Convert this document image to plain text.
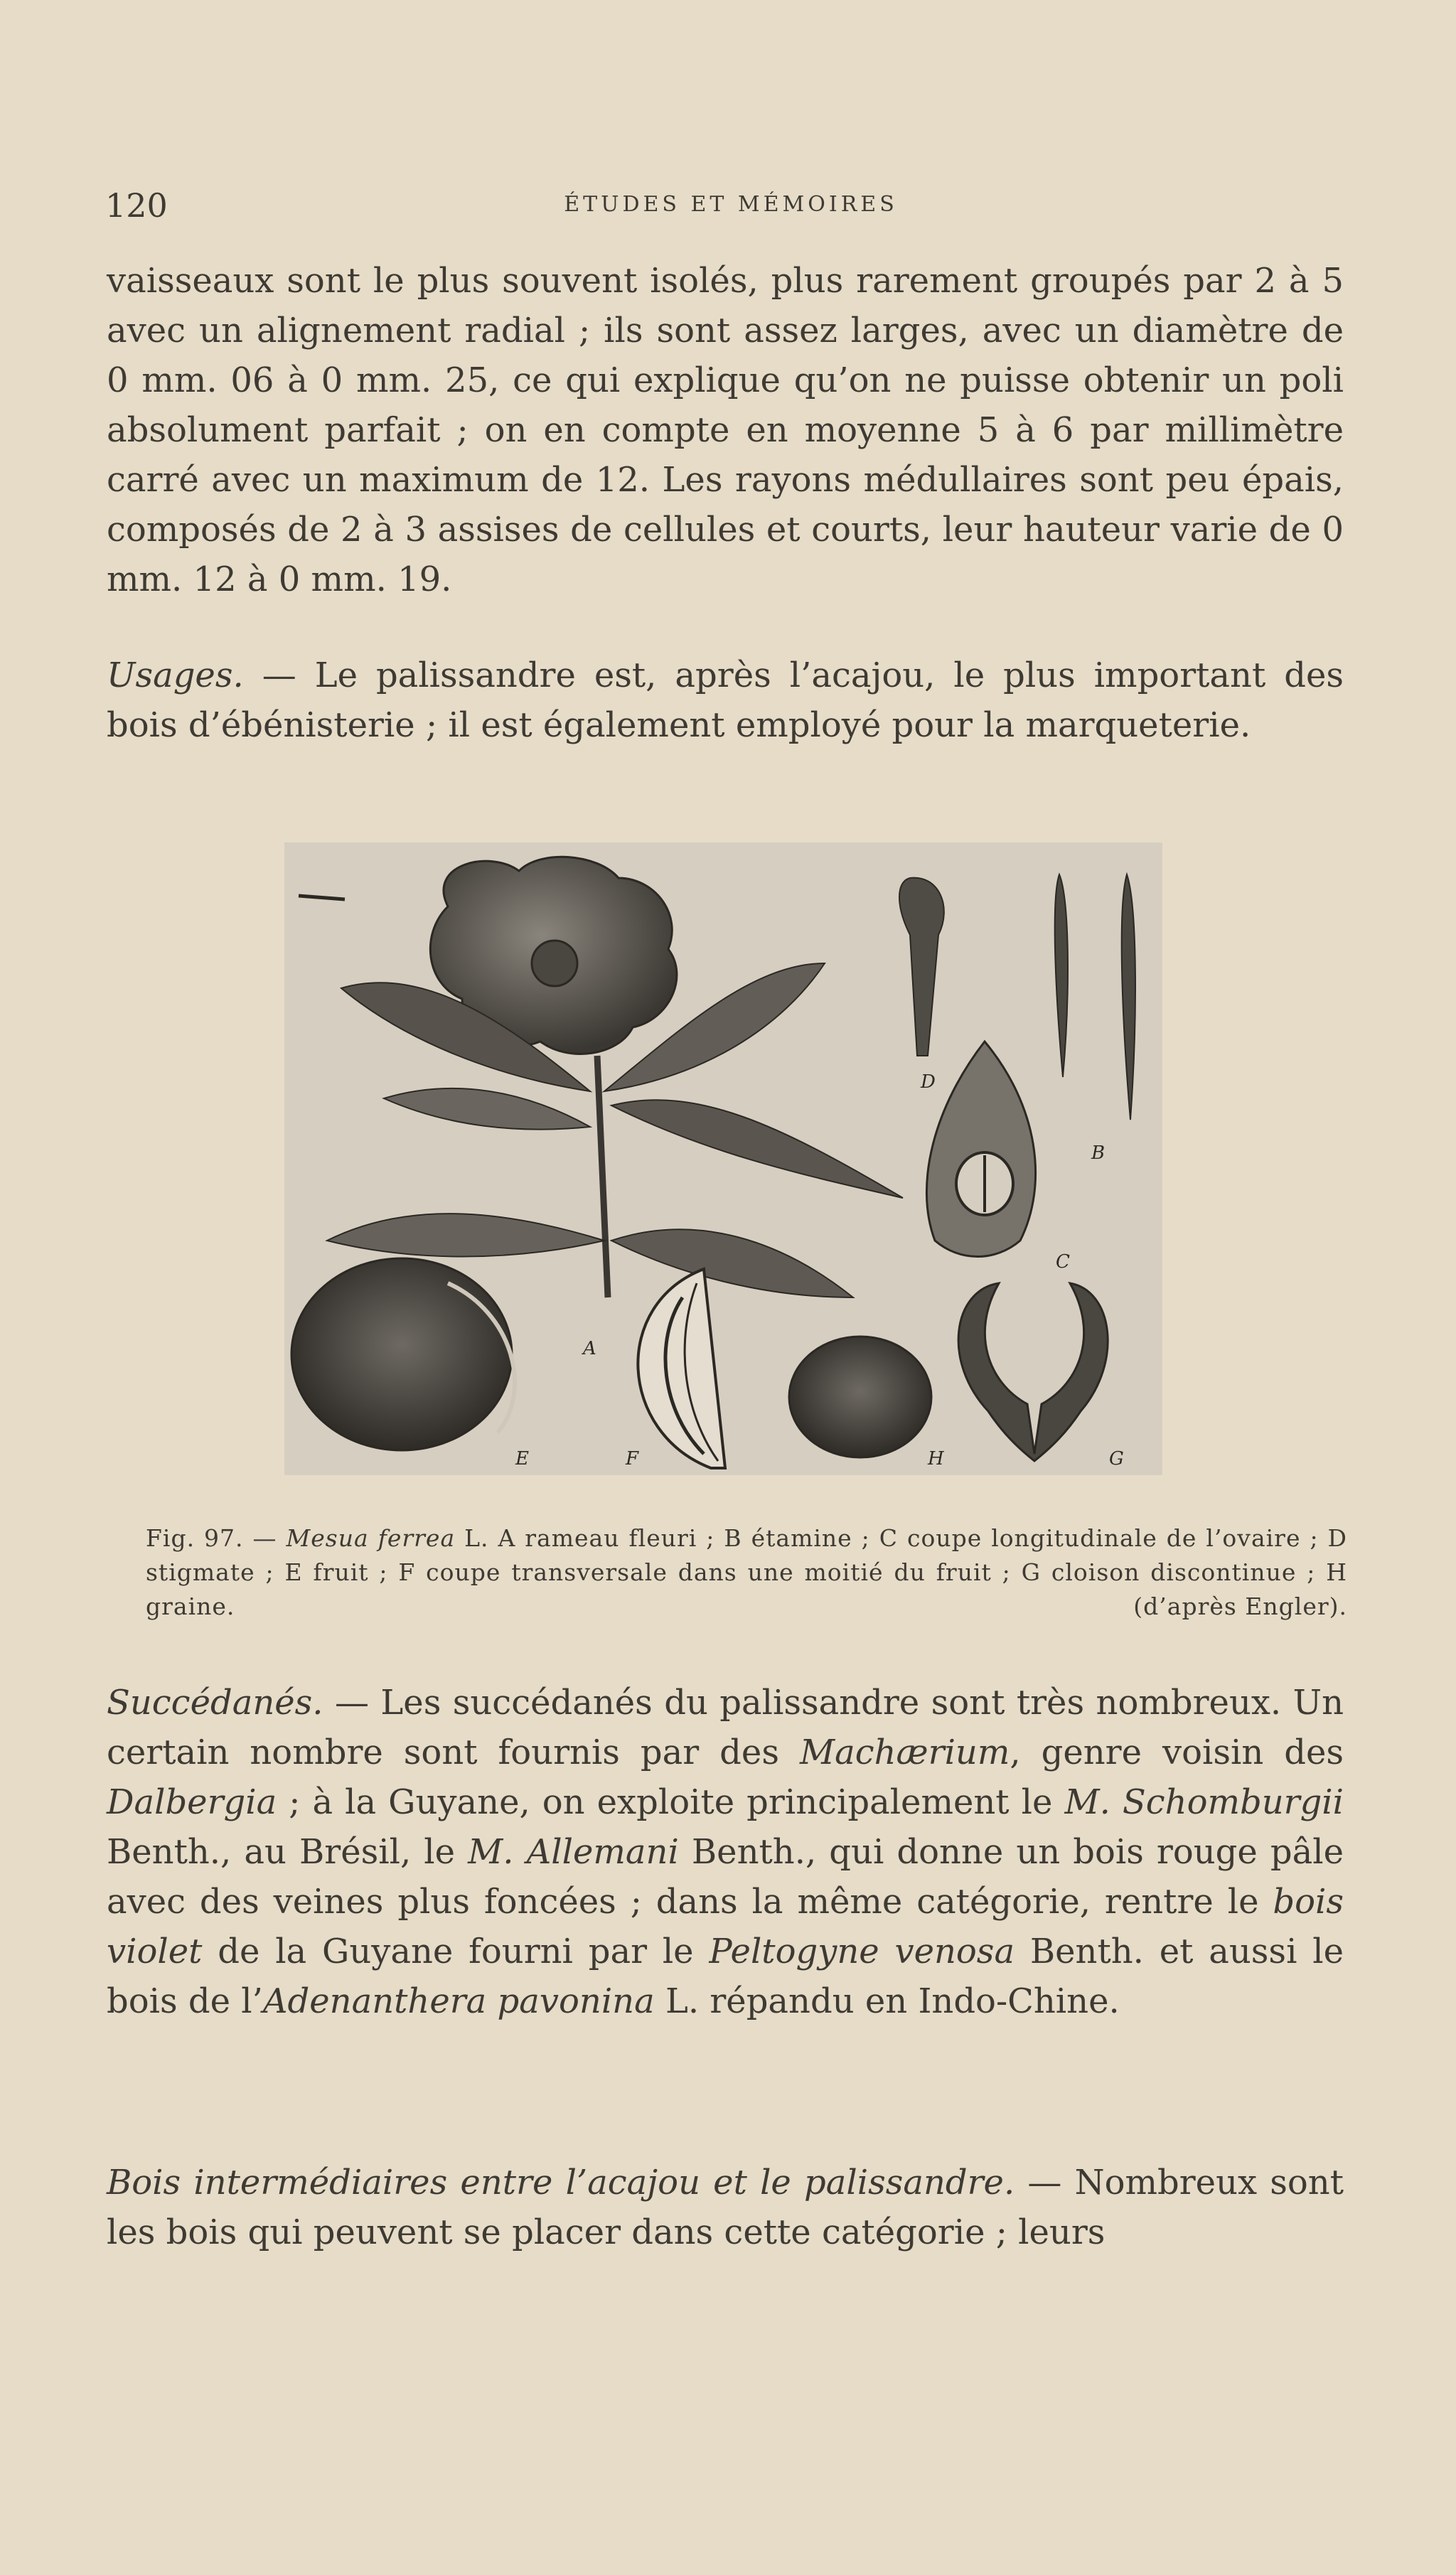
120	ÉTUDES ET MÉMOIRES

vaisseaux sont le plus souvent isolés, plus rarement groupés par 2 à 5 avec un alignement radial ; ils sont assez larges, avec un diamètre de 0 mm. 06 à 0 mm. 25, ce qui explique qu’on ne puisse obtenir un poli absolument parfait ; on en compte en moyenne 5 à 6 par millimètre carré avec un maximum de 12. Les rayons médullaires sont peu épais, composés de 2 à 3 assises de cellules et courts, leur hauteur varie de 0 mm. 12 à 0 mm. 19.

Usages. — Le palissandre est, après l’acajou, le plus important des bois d’ébénisterie ; il est également employé pour la marqueterie.

D
B
C
A
E	F	H	G
Fig. 97. — Mesua ferrea L. A rameau fleuri ; B étamine ; C coupe longitudinale de l’ovaire ; D stigmate ; E fruit ; F coupe transversale dans une moitié du fruit ; G cloison discontinue ; H graine.	(d’après Engler).

Succédanés. — Les succédanés du palissandre sont très nombreux. Un certain nombre sont fournis par des Machærium, genre voisin des Dalbergia ; à la Guyane, on exploite principalement le M. Schomburgii Benth., au Brésil, le M. Allemani Benth., qui donne un bois rouge pâle avec des veines plus foncées ; dans la même catégorie, rentre le bois violet de la Guyane fourni par le Peltogyne venosa Benth. et aussi le bois de l’Adenanthera pavonina L. répandu en Indo-Chine.

Bois intermédiaires entre l’acajou et le palissandre. — Nombreux sont les bois qui peuvent se placer dans cette catégorie ; leurs
